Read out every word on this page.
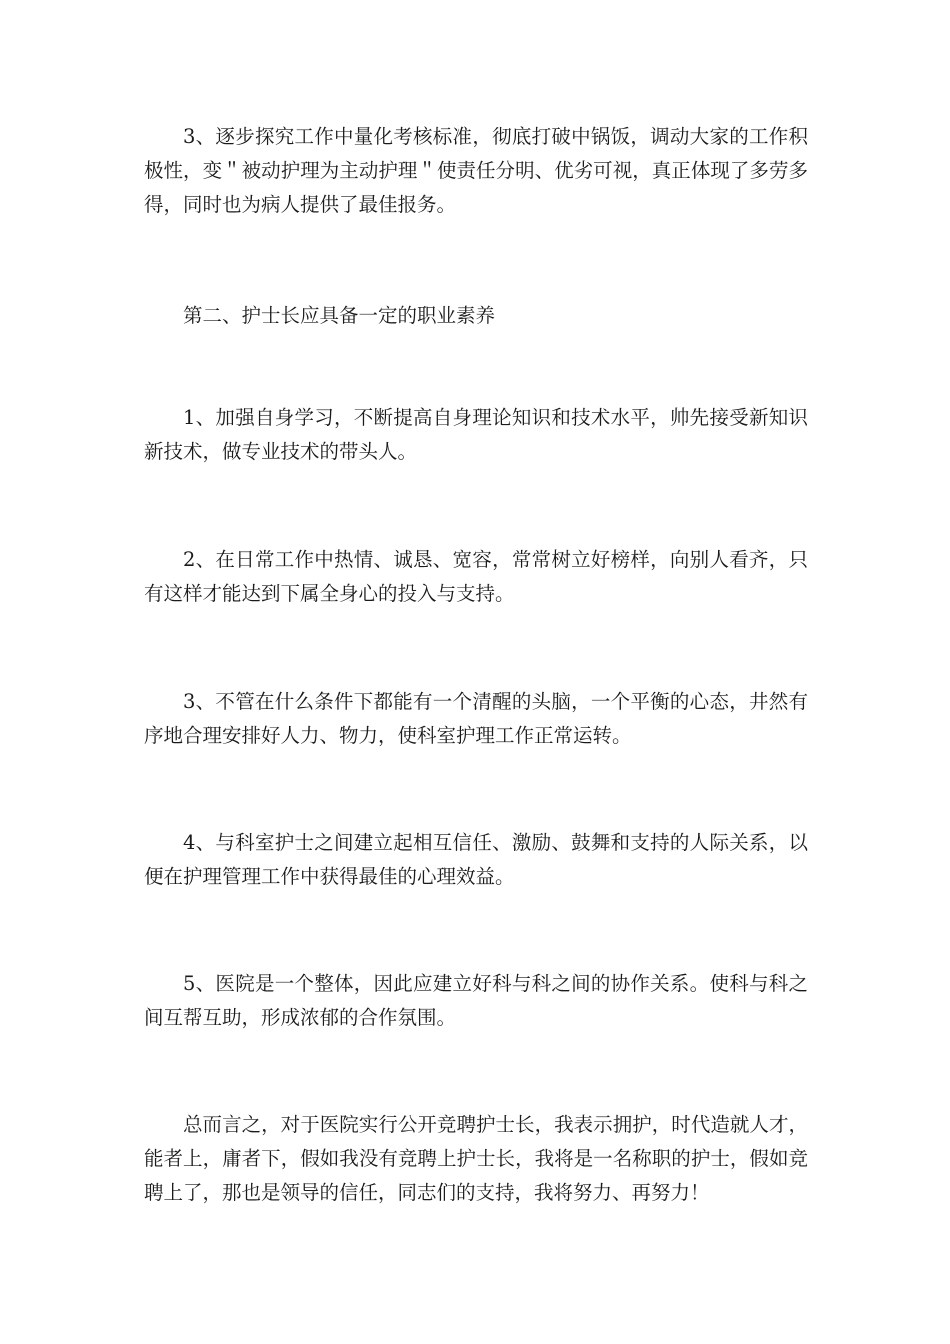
3、逐步探究工作中量化考核标准，彻底打破中锅饭，调动大家的工作积极性，变＂被动护理为主动护理＂使责任分明、优劣可视，真正体现了多劳多得，同时也为病人提供了最佳报务。

第二、护士长应具备一定的职业素养

1、加强自身学习，不断提高自身理论知识和技术水平，帅先接受新知识新技术，做专业技术的带头人。

2、在日常工作中热情、诚恳、宽容，常常树立好榜样，向别人看齐，只有这样才能达到下属全身心的投入与支持。

3、不管在什么条件下都能有一个清醒的头脑，一个平衡的心态，井然有序地合理安排好人力、物力，使科室护理工作正常运转。

4、与科室护士之间建立起相互信任、激励、鼓舞和支持的人际关系，以便在护理管理工作中获得最佳的心理效益。

5、医院是一个整体，因此应建立好科与科之间的协作关系。使科与科之间互帮互助，形成浓郁的合作氛围。

总而言之，对于医院实行公开竞聘护士长，我表示拥护，时代造就人才，能者上，庸者下，假如我没有竞聘上护士长，我将是一名称职的护士，假如竞聘上了，那也是领导的信任，同志们的支持，我将努力、再努力！
